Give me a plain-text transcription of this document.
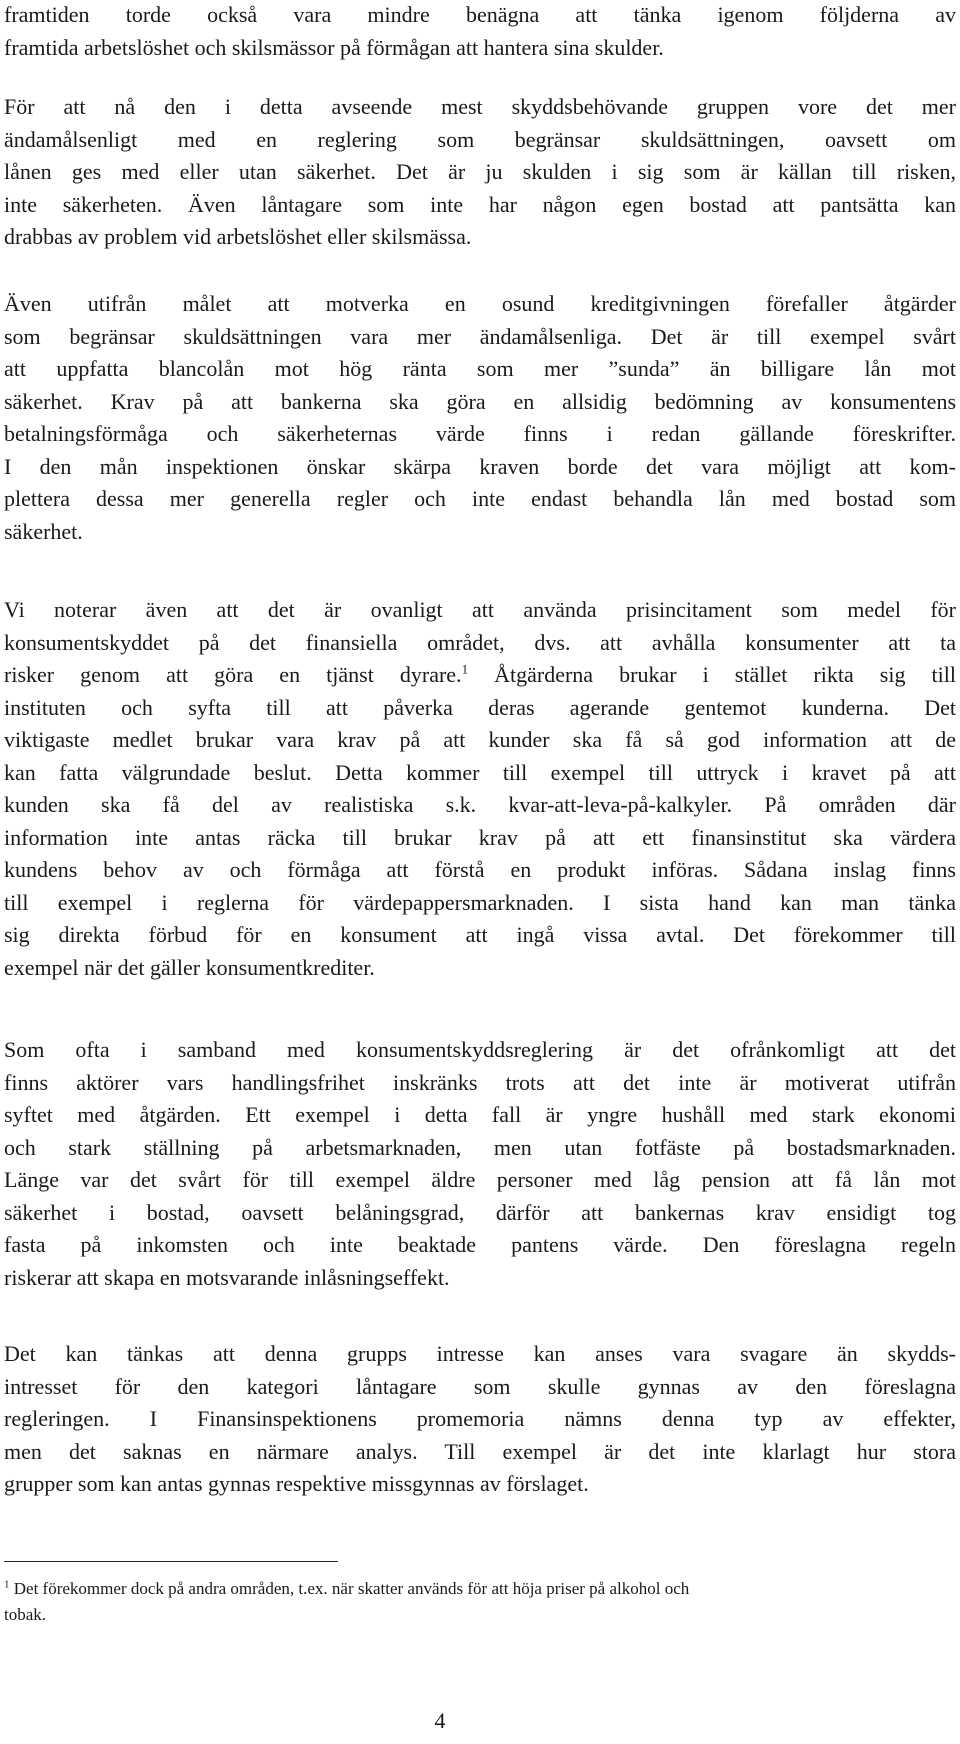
framtiden torde också vara mindre benägna att tänka igenom följderna av
framtida arbetslöshet och skilsmässor på förmågan att hantera sina skulder.
För att nå den i detta avseende mest skyddsbehövande gruppen vore det mer
ändamålsenligt med en reglering som begränsar skuldsättningen, oavsett om
lånen ges med eller utan säkerhet. Det är ju skulden i sig som är källan till risken,
inte säkerheten. Även låntagare som inte har någon egen bostad att pantsätta kan
drabbas av problem vid arbetslöshet eller skilsmässa.
Även utifrån målet att motverka en osund kreditgivningen förefaller åtgärder
som begränsar skuldsättningen vara mer ändamålsenliga. Det är till exempel svårt
att uppfatta blancolån mot hög ränta som mer ”sunda” än billigare lån mot
säkerhet. Krav på att bankerna ska göra en allsidig bedömning av konsumentens
betalningsförmåga och säkerheternas värde finns i redan gällande föreskrifter.
I den mån inspektionen önskar skärpa kraven borde det vara möjligt att kom-
plettera dessa mer generella regler och inte endast behandla lån med bostad som
säkerhet.
Vi noterar även att det är ovanligt att använda prisincitament som medel för
konsumentskyddet på det finansiella området, dvs. att avhålla konsumenter att ta
risker genom att göra en tjänst dyrare.$^1$ Åtgärderna brukar i stället rikta sig till
instituten och syfta till att påverka deras agerande gentemot kunderna. Det
viktigaste medlet brukar vara krav på att kunder ska få så god information att de
kan fatta välgrundade beslut. Detta kommer till exempel till uttryck i kravet på att
kunden ska få del av realistiska s.k. kvar-att-leva-på-kalkyler. På områden där
information inte antas räcka till brukar krav på att ett finansinstitut ska värdera
kundens behov av och förmåga att förstå en produkt införas. Sådana inslag finns
till exempel i reglerna för värdepappersmarknaden. I sista hand kan man tänka
sig direkta förbud för en konsument att ingå vissa avtal. Det förekommer till
exempel när det gäller konsumentkrediter.
Som ofta i samband med konsumentskyddsreglering är det ofrånkomligt att det
finns aktörer vars handlingsfrihet inskränks trots att det inte är motiverat utifrån
syftet med åtgärden. Ett exempel i detta fall är yngre hushåll med stark ekonomi
och stark ställning på arbetsmarknaden, men utan fotfäste på bostadsmarknaden.
Länge var det svårt för till exempel äldre personer med låg pension att få lån mot
säkerhet i bostad, oavsett belåningsgrad, därför att bankernas krav ensidigt tog
fasta på inkomsten och inte beaktade pantens värde. Den föreslagna regeln
riskerar att skapa en motsvarande inlåsningseffekt.
Det kan tänkas att denna grupps intresse kan anses vara svagare än skydds-
intresset för den kategori låntagare som skulle gynnas av den föreslagna
regleringen. I Finansinspektionens promemoria nämns denna typ av effekter,
men det saknas en närmare analys. Till exempel är det inte klarlagt hur stora
grupper som kan antas gynnas respektive missgynnas av förslaget.

$^1$ Det förekommer dock på andra områden, t.ex. när skatter används för att höja priser på alkohol och
tobak.

4
